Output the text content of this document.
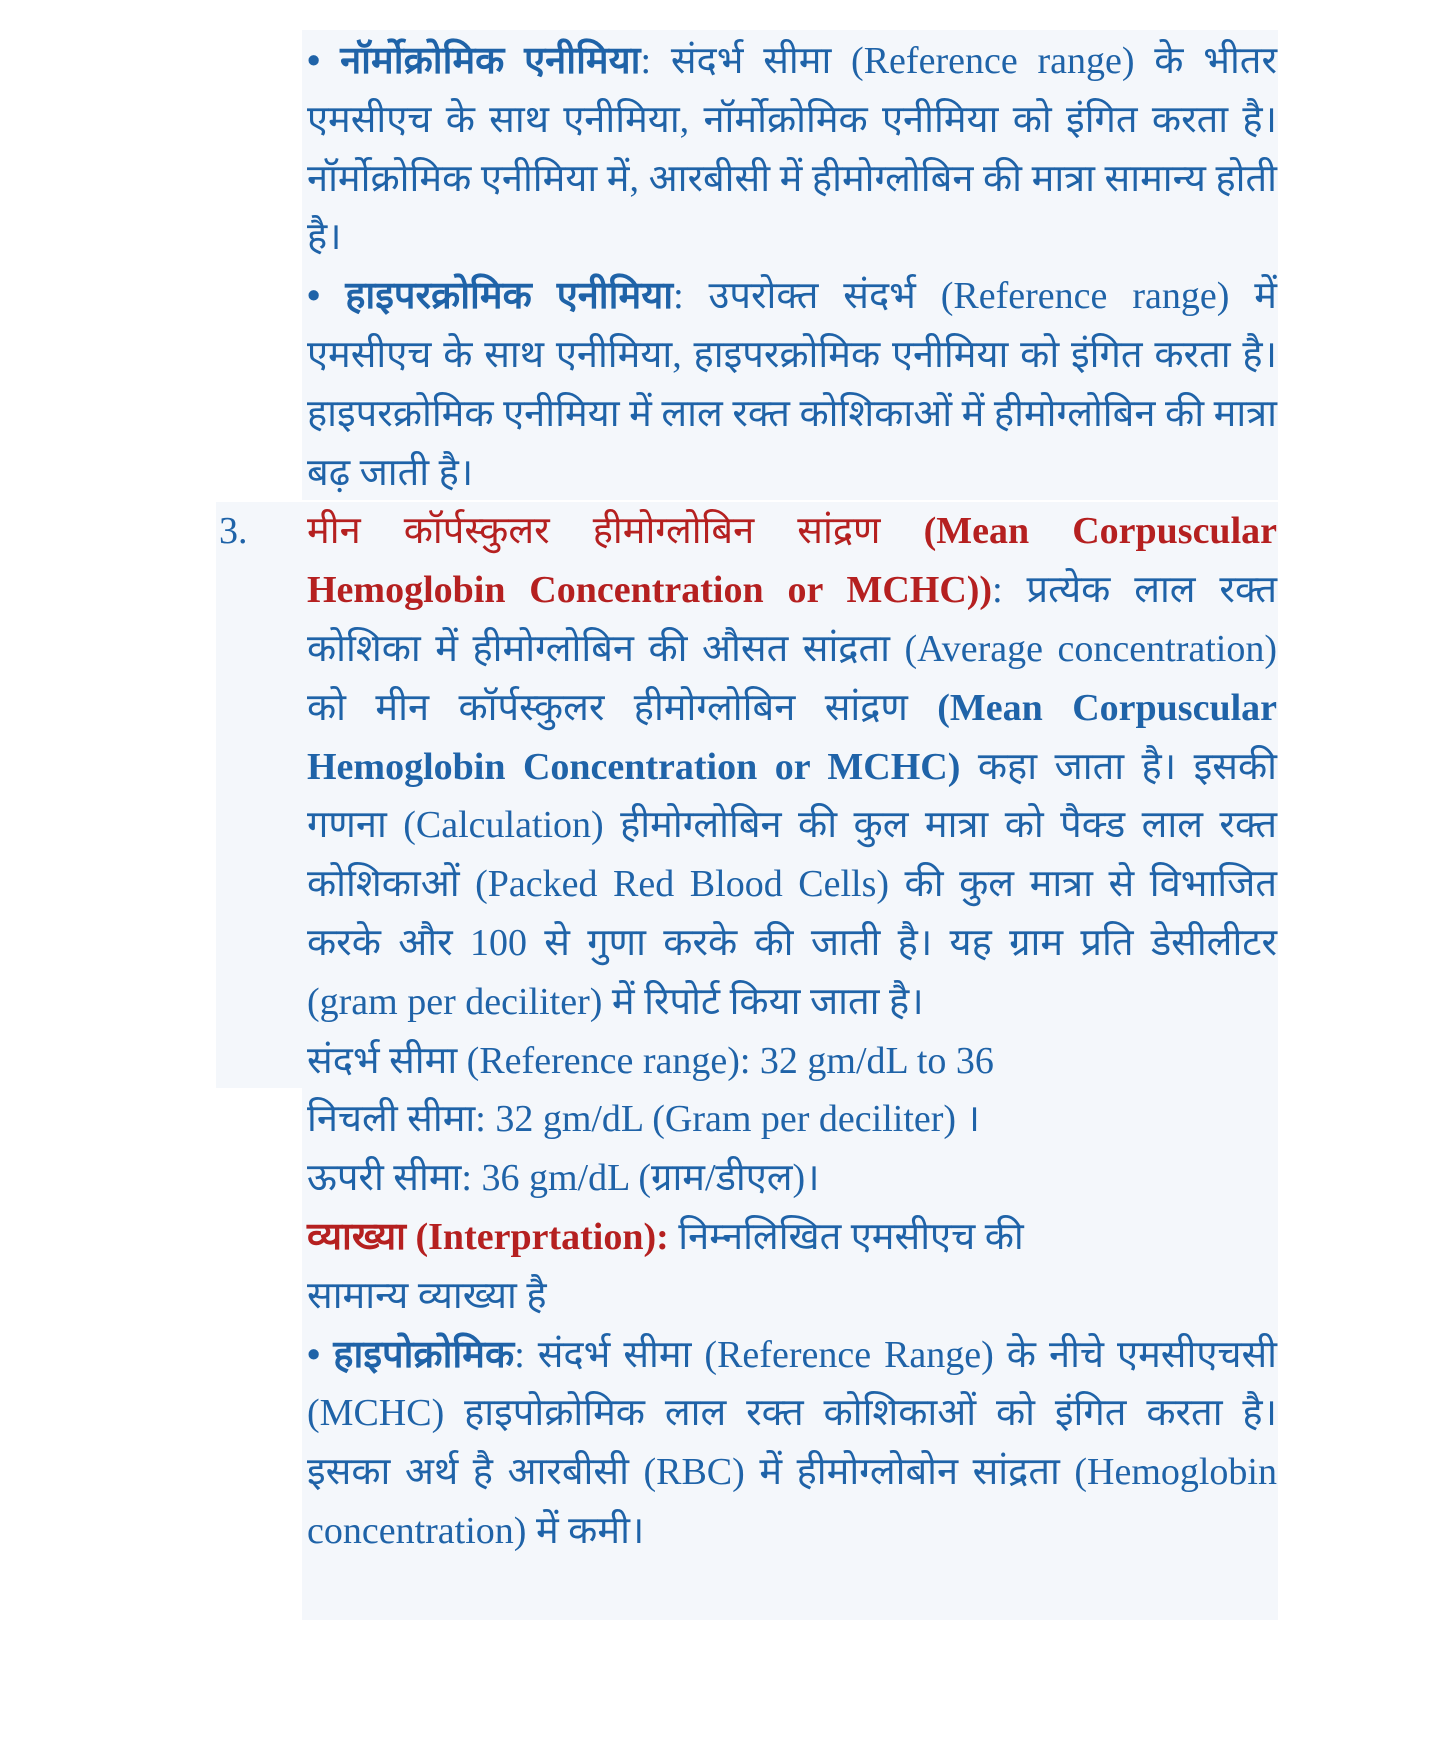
• नॉर्मोक्रोमिक एनीमिया: संदर्भ सीमा (Reference range) के भीतर एमसीएच के साथ एनीमिया, नॉर्मोक्रोमिक एनीमिया को इंगित करता है। नॉर्मोक्रोमिक एनीमिया में, आरबीसी में हीमोग्लोबिन की मात्रा सामान्य होती है।

• हाइपरक्रोमिक एनीमिया: उपरोक्त संदर्भ (Reference range) में एमसीएच के साथ एनीमिया, हाइपरक्रोमिक एनीमिया को इंगित करता है। हाइपरक्रोमिक एनीमिया में लाल रक्त कोशिकाओं में हीमोग्लोबिन की मात्रा बढ़ जाती है।

3. मीन कॉर्पस्कुलर हीमोग्लोबिन सांद्रण (Mean Corpuscular Hemoglobin Concentration or MCHC)): प्रत्येक लाल रक्त कोशिका में हीमोग्लोबिन की औसत सांद्रता (Average concentration) को मीन कॉर्पस्कुलर हीमोग्लोबिन सांद्रण (Mean Corpuscular Hemoglobin Concentration or MCHC) कहा जाता है। इसकी गणना (Calculation) हीमोग्लोबिन की कुल मात्रा को पैक्ड लाल रक्त कोशिकाओं (Packed Red Blood Cells) की कुल मात्रा से विभाजित करके और 100 से गुणा करके की जाती है। यह ग्राम प्रति डेसीलीटर (gram per deciliter) में रिपोर्ट किया जाता है।

संदर्भ सीमा (Reference range): 32 gm/dL to 36
निचली सीमा: 32 gm/dL (Gram per deciliter) ।
ऊपरी सीमा: 36 gm/dL (ग्राम/डीएल)।
व्याख्या (Interprtation): निम्नलिखित एमसीएच की
सामान्य व्याख्या है

• हाइपोक्रोमिक: संदर्भ सीमा (Reference Range) के नीचे एमसीएचसी (MCHC) हाइपोक्रोमिक लाल रक्त कोशिकाओं को इंगित करता है। इसका अर्थ है आरबीसी (RBC) में हीमोग्लोबोन सांद्रता (Hemoglobin concentration) में कमी।
